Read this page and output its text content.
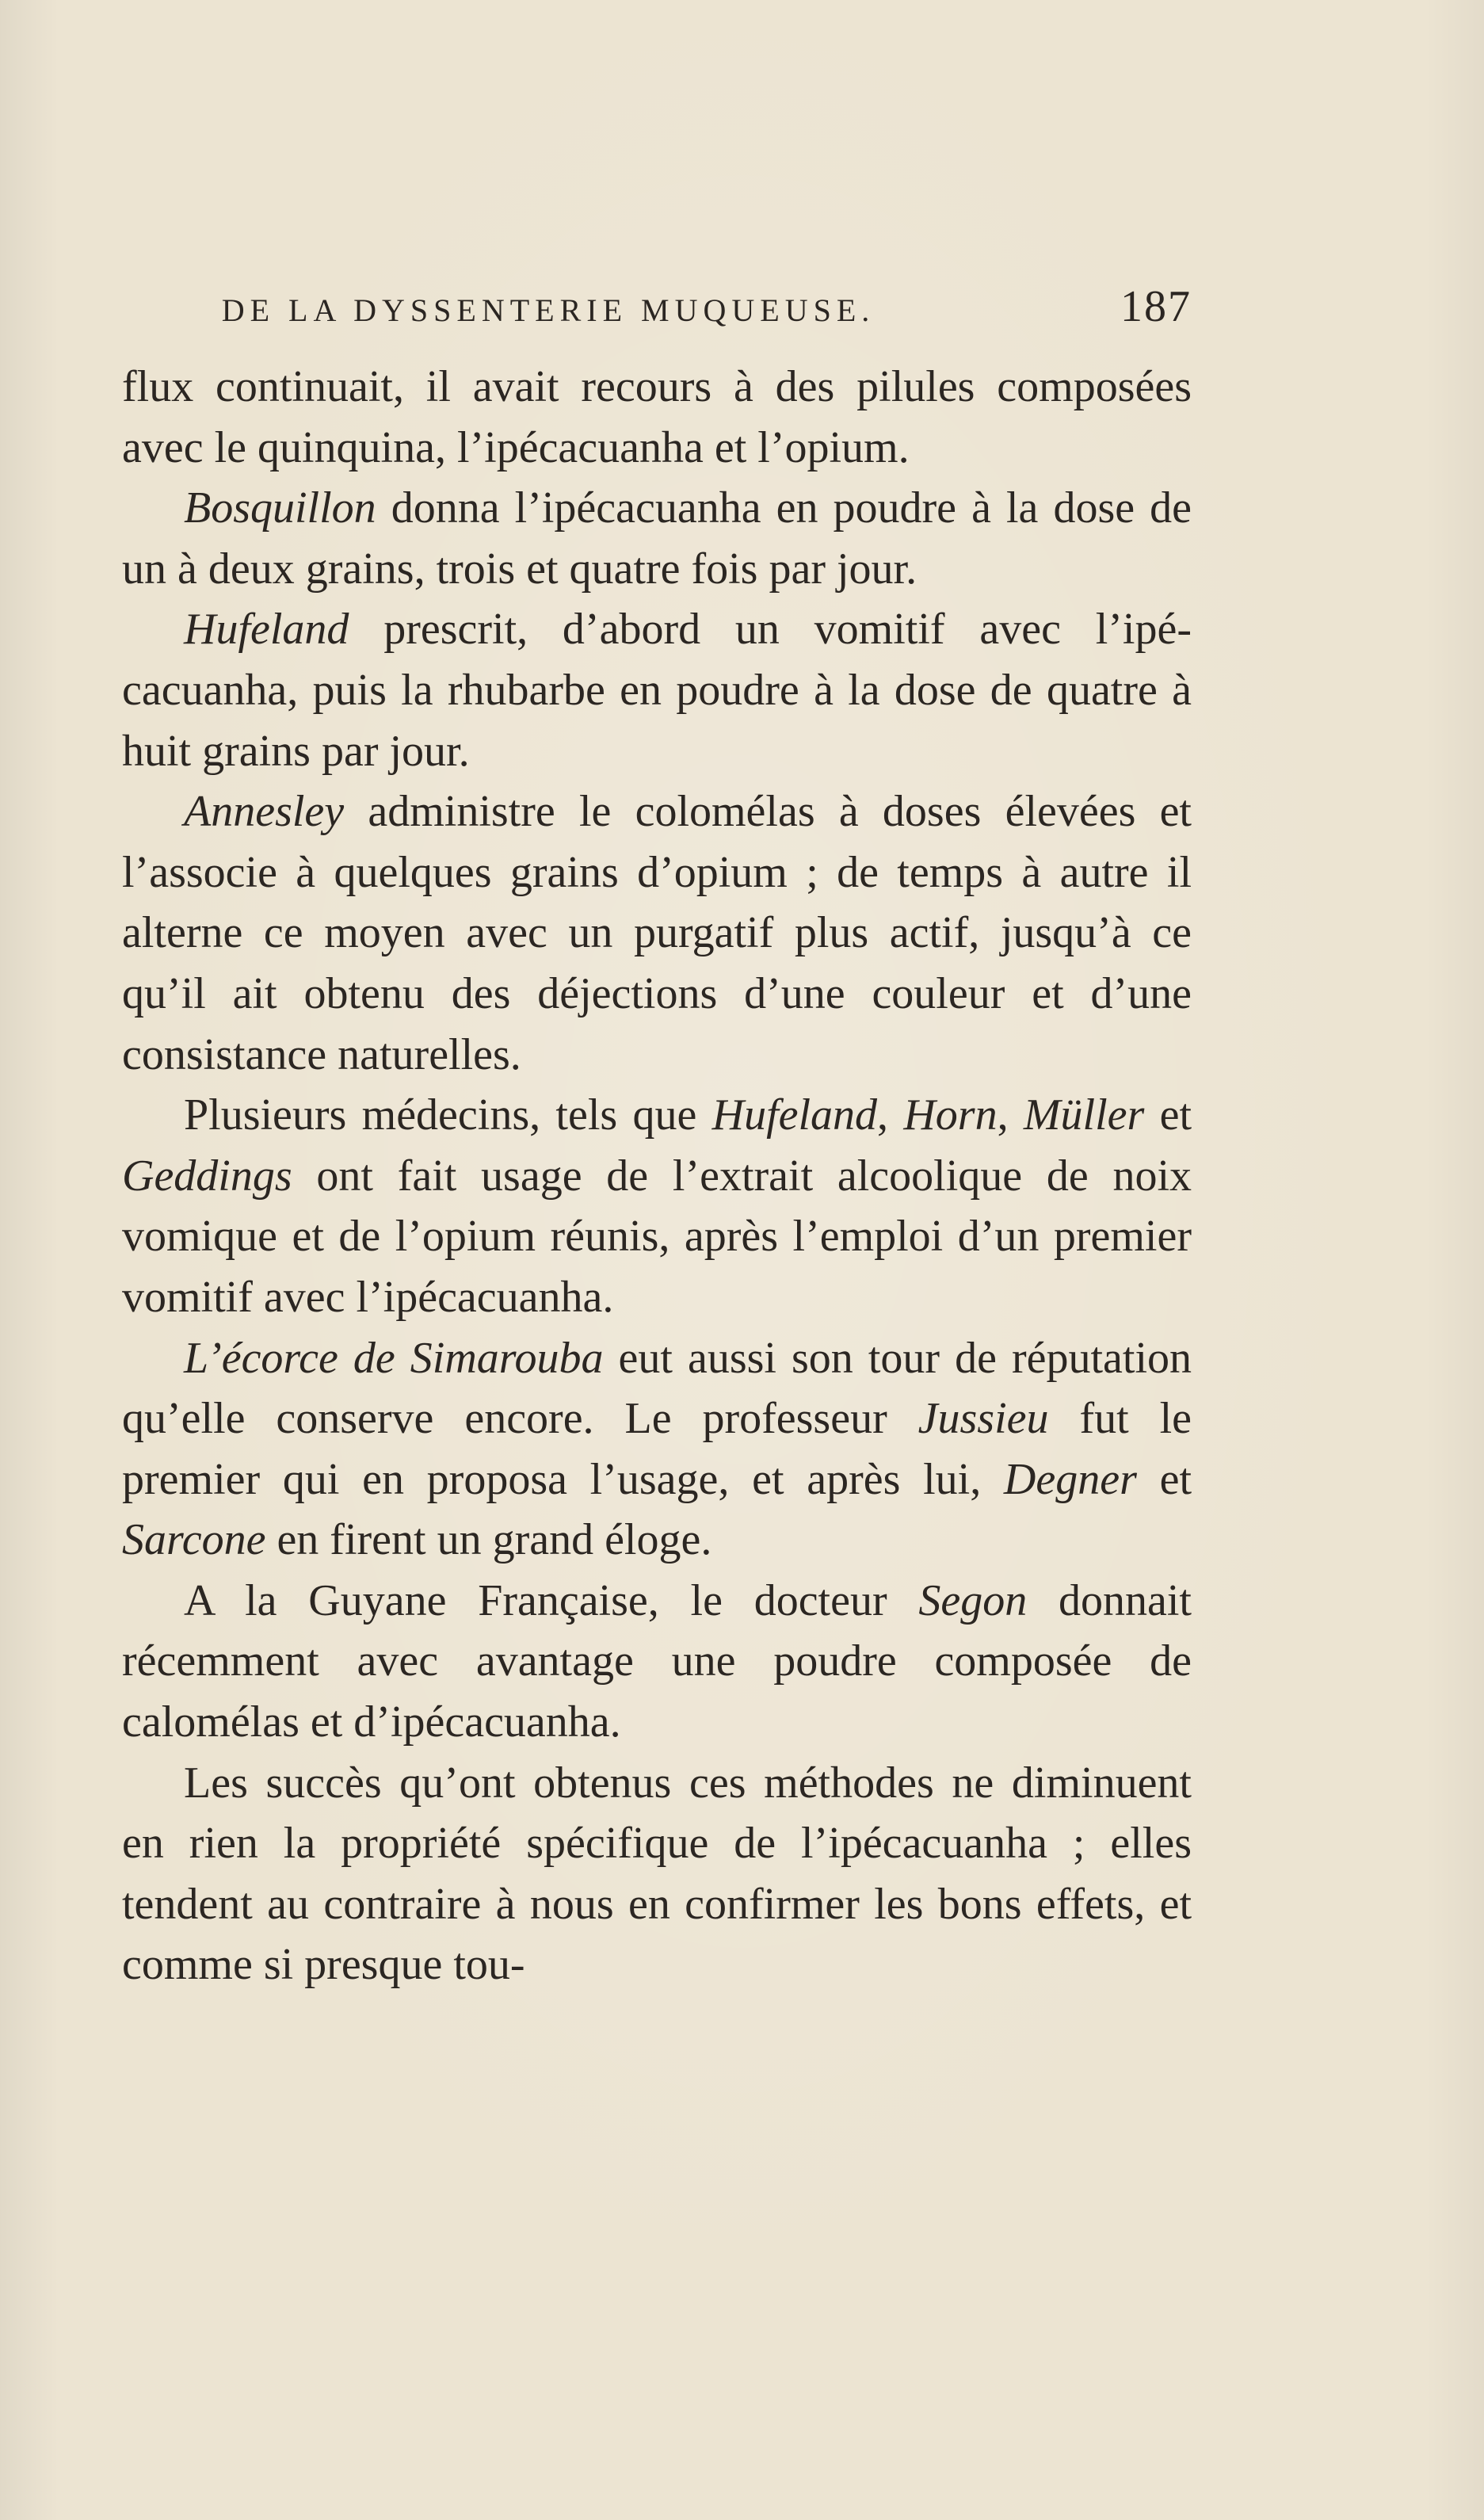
DE LA DYSSENTERIE MUQUEUSE.	187

flux continuait, il avait recours à des pilules composées avec le quinquina, l’ipécacuanha et l’opium.

Bosquillon donna l’ipécacuanha en poudre à la dose de un à deux grains, trois et quatre fois par jour.

Hufeland prescrit, d’abord un vomitif avec l’ipécacuanha, puis la rhubarbe en poudre à la dose de quatre à huit grains par jour.

Annesley administre le colomélas à doses élevées et l’associe à quelques grains d’opium ; de temps à autre il alterne ce moyen avec un purgatif plus actif, jusqu’à ce qu’il ait obtenu des déjections d’une couleur et d’une consistance naturelles.

Plusieurs médecins, tels que Hufeland, Horn, Müller et Geddings ont fait usage de l’extrait alcoolique de noix vomique et de l’opium réunis, après l’emploi d’un premier vomitif avec l’ipécacuanha.

L’écorce de Simarouba eut aussi son tour de réputation qu’elle conserve encore. Le professeur Jussieu fut le premier qui en proposa l’usage, et après lui, Degner et Sarcone en firent un grand éloge.

A la Guyane Française, le docteur Segon donnait récemment avec avantage une poudre composée de calomélas et d’ipécacuanha.

Les succès qu’ont obtenus ces méthodes ne diminuent en rien la propriété spécifique de l’ipécacuanha ; elles tendent au contraire à nous en confirmer les bons effets, et comme si presque tou-
